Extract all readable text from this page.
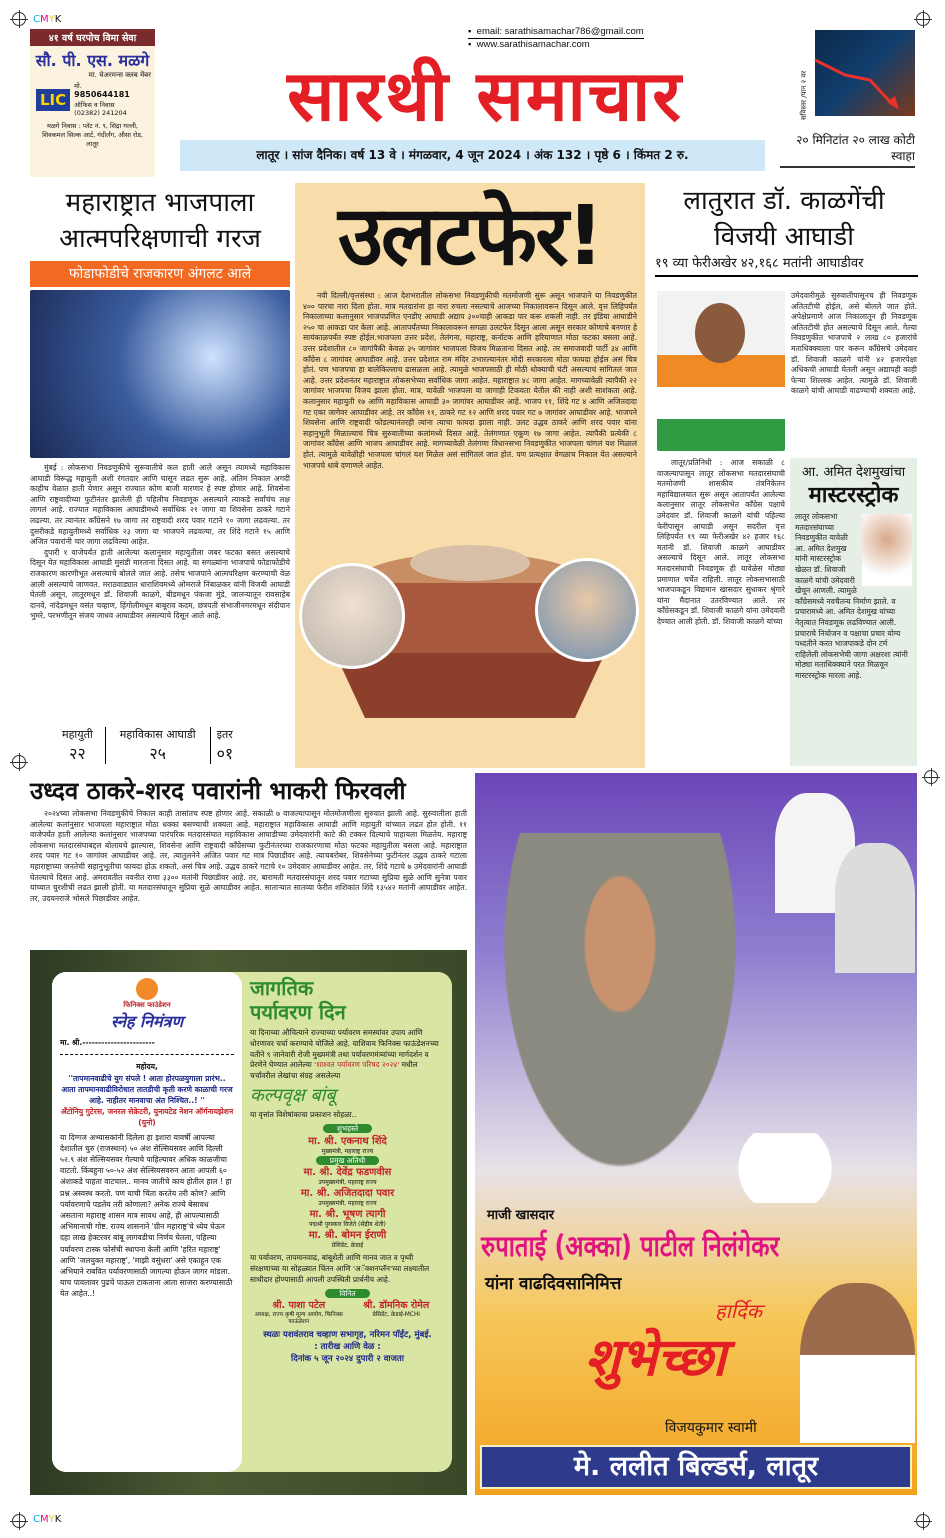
CMYK
CMYK
४१ वर्ष घरपोच विमा सेवा
सौ. पी. एस. मळगे
मा. चेअरमन्स क्लब मेंबर
LIC
मो.
9850644181
ऑफिस व निवास
(02382) 241204
मळगे निवास : प्लॅट नं. ९, सिद्रा गल्ली, शिवकमल सिल्क आर्ट, गंदीर्लंग, औसा रोड, लातूर
▪  email: sarathisamachar786@gmail.com
▪  www.sarathisamachar.com
सारथी समाचार
लातूर । सांज दैनिक। वर्ष 13 वे । मंगळवार, 4 जून 2024 । अंक 132 । पृष्ठे 6 । किंमत 2 रु.
सविस्तर /पान २ वर
२० मिनिटांत २० लाख कोटी स्वाहा
महाराष्ट्रात भाजपाला आत्मपरिक्षणाची गरज
फोडाफोडीचे राजकारण अंगलट आले

मुंबई : लोकसभा निवडणुकीचे सुरूवातीचे कल हाती आले असून त्यामध्ये महाविकास आघाडी विरूद्ध महायुती अशी रंगतदार आणि घासून लढत सुरू आहे. अंतिम निकाल अगदी काहीच वेळात हाती येणार असून राज्यात कोण बाजी मारणार हे स्पष्ट होणार आहे. शिवसेना आणि राष्ट्रवादीच्या फुटीनंतर झालेली ही पहिलीच निवडणूक असल्याने त्याकडे सर्वांचंच लक्ष लागलं आहे. राज्यात महाविकास आघाडीमध्ये सर्वाधिक २१ जागा या शिवसेना ठाकरे गटाने लढल्या. तर त्यानंतर काँग्रेसने १७ जागा तर राष्ट्रवादी शरद पवार गटाने १० जागा लढवल्या. तर दुसरीकडे महायुतीमध्ये सर्वाधिक २३ जागा या भाजपने लढवल्या, तर शिंदे गटाने १५ आणि अजित पवारांनी चार जागा लढविल्या आहेत.

दुपारी १ वाजेपर्यंत हाती आलेल्या कलानुसार महायुतीला जबर फटका बसत असल्याचे दिसून येत महाविकास आघाडी मुसंडी मारताना दिसत आहे. या सगळ्यांना भाजपाचे फोडाफोडीचे राजकारण कारणीभूत असल्याचे बोलले जात आहे. तसेच भाजपाने आत्मपरिक्षण करण्याची वेळ आली असल्याचे जाणवत. मराठवाड्यात धाराशिवमध्ये ओमराजे निंबाळकर यांनी विजयी आघाडी घेतली असून, लातूरमधून डॉ. शिवाजी काळगे, बीडमधून पंकजा मुंडे, जालन्यातून रावसाहेब दानवे, नांदेडमधून वसंत चव्हाण, हिंगोलीमधून बाबूराव कदम, छत्रपती संभाजीनगरमधून संदीपान भुमरे, परभणीतून संजय जाधव आघाडीवर असल्याचे दिसून आले आहे.

महायुती
२२
महाविकास आघाडी
२५
इतर
०१
उलटफेर!

नवी दिल्ली/वृत्तसंस्था : आज देशभरातील लोकसभा निवडणुकीची मतमोजणी सुरू असून भाजपाने या निवडणुकीत ४०० पारचा नारा दिला होता. मात्र मतदारांना हा नारा रुचला नसल्याचे आजच्या निकालावरून दिसून आले. वृत्त लिहिपर्यंत निकालाच्या कलानुसार भाजपप्रणित एनडीए आघाडी अद्याप ३००चाही आकडा पार करू शकली नाही. तर इंडिया आघाडीने २५० चा आकडा पार केला आहे. आतापर्यंतच्या निकालावरून सगळा उलटफेर दिसून आला असून सरकार कोणाचे बनणार हे सायंकाळपर्यंत स्पष्ट होईल.भाजपला उत्तर प्रदेश, तेलंगना, महाराष्ट्र, कर्नाटक आणि हरियाणात मोठा फटका बसला आहे. उत्तर प्रदेशातील ८० जागांपैकी केवळ ३५ जागांवर भाजपला विजय मिळताना दिसत आहे. तर समाजवादी पार्टी ३४ आणि काँग्रेस ८ जागांवर आघाडीवर आहे. उत्तर प्रदेशात राम मंदिर उभारल्यानंतर मोदी सरकारला मोठा फायदा होईल असं चित्र होतं. पण भाजपचा हा बालेकिल्लाच ढासळला आहे. त्यामुळे भाजपसाठी ही मोठी धोक्याची घंटी असल्याचं सांगितलं जात आहे. उत्तर प्रदेशनंतर महाराष्ट्रात लोकसभेच्या सर्वाधिक जागा आहेत. महाराष्ट्रात ४८ जागा आहेत. मागच्यावेळी त्यापैकी २२ जागांवर भाजपचा विजय झाला होता. मात्र, यावेळी भाजपला या जागाही टिकवता येतील की नाही अशी साशंकता आहे. कलानुसार महायुती १७ आणि महाविकास आघाडी ३० जागांवर आघाडीवर आहे. भाजप ११, शिंदे गट ४ आणि अजितदादा गट एका जागेवर आघाडीवर आहे. तर काँग्रेस ११, ठाकरे गट १२ आणि शरद पवार गट ७ जागांवर आघाडीवर आहे. भाजपने शिवसेना आणि राष्ट्रवादी फोडल्यानंतरही त्यांना त्याचा फायदा झाला नाही. उलट उद्धव ठाकरे आणि शरद पवार यांना सहानुभूती मिळाल्याचं चित्र सुरुवातीच्या कलांमध्ये दिसत आहे. तेलंगणात एकूण १७ जागा आहेत. त्यापैकी प्रत्येकी ८ जागांवर काँग्रेस आणि भाजप आघाडीवर आहे. मागच्यावेळी तेलंगणा विधानसभा निवडणुकीत भाजपला चांगलं यश मिळालं होतं. त्यामुळे यावेळीही भाजपला चांगलं यश मिळेल असं सांगितलं जात होतं. पण प्रत्यक्षात वेगळाच निकाल येत असल्याने भाजपचे धाबे दणाणले आहेत.

लातुरात डॉ. काळगेंची विजयी आघाडी
१९ व्या फेरीअखेर ४२,१६८ मतांनी आघाडीवर

उमेदवारीमुळे सुरुवातीपासूनच ही निवडणूक अतितटीची होईल, असे बोलले जात होते. अपेक्षेप्रमाणे आज निकालातून ही निवडणूक अतितटीची होत असल्याचे दिसून आले. गेल्या निवडणुकीत भाजपाचे २ लाख ८० हजारांचे मताधिक्क्याला पार करून काँग्रेसचे उमेदवार डॉ. शिवाजी काळगे यांनी ४२ हजारपेक्षा अधिकची आघाडी घेतली असून अद्यापही काही फेऱ्या शिल्लक आहेत. त्यामुळे डॉ. शिवाजी काळगे यांची आघाडी वाढण्याची शक्यता आहे.

लातूर/प्रतिनिधी : आज सकाळी ८ वाजल्यापासून लातूर लोकसभा मतदारसंघाची मतमोजणी शासकीय तंत्रनिकेतन महाविद्यालयात सुरू असून आतापर्यंत आलेल्या कलानुसार लातूर लोकसभेत काँग्रेस पक्षाचे उमेदवार डॉ. शिवाजी काळगे यांची पहिल्या फेरीपासून आघाडी असून सदरील वृत्त लिहिपर्यंत १९ व्या फेरीअखेर ४२ हजार १६८ मतांनी डॉ. शिवाजी काळगे आघाडीवर असल्याचे दिसून आले. लातूर लोकसभा मतदारसंघाची निवडणूक ही यावेळेस मोठ्या प्रमाणात चर्चेत राहिली. लातूर लोकसभासाठी भाजपाकडून विद्यमान खासदार सुधाकर श्रृंगारे यांना मैदानात उतरविण्यात आले. तर काँग्रेसकडून डॉ. शिवाजी काळगे यांना उमेदवारी देण्यात आली होती. डॉ. शिवाजी काळगे यांच्या

आ. अमित देशमुखांचा
मास्टरस्ट्रोक
लातूर लोकसभा मतदारसंघाच्या निवडणुकीत यावेळी आ. अमित देशमुख यांनी मास्टरस्ट्रोक खेळत डॉ. शिवाजी काळगे यांची उमेदवारी खेचून आणली. त्यामुळे काँग्रेसमध्ये नवचैतन्य निर्माण झाले. व प्रचारामध्ये आ. अमित देशमुख यांच्या नेतृत्वात निवडणूक लढविण्यात आली. प्रचाराचे नियोजन व पक्षाचा प्रचार योग्य पध्दतीने करत भाजपाकडे दोन टर्म राहिलेली लोकसभेची जागा अक्षरशः त्यांनी मोठ्या मताधिक्क्याने परत मिळवून मास्टरस्ट्रोक मारला आहे.
उध्दव ठाकरे-शरद पवारांनी भाकरी फिरवली

२०२४च्या लोकसभा निवडणुकीचे निकाल काही तासांतच स्पष्ट होणार आहे. सकाळी ७ वाजल्यापासून मोतमोजणीला सुरुवात झाली आहे. सुरुवातीला हाती आलेल्या कलांनुसार भाजपला महाराष्ट्रात मोठा धक्का बसण्याची शक्यता आहे. महाराष्ट्रात महाविकास आघाडी आणि महायुती यांच्यात लढत होत होती. ११ वाजेपर्यंत हाती आलेल्या कलांनुसार भाजपच्या पारंपरिक मतदारसंघात महाविकास आघाडीच्या उमेदवारांनी काटे की टक्कर दिल्याचे पाहायला मिळतेय. महाराष्ट्र लोकसभा मतदारसंघाबद्दल बोलायचे झाल्यास, शिवसेना आणि राष्ट्रवादी काँग्रेसच्या फुटीनंतरच्या राजकारणाचा मोठा फटका महायुतीला बसला आहे. महाराष्ट्रात शरद पवार गट १० जागांवर आघाडीवर आहे. तर, त्यातुलनेने अजित पवार गट मात्र पिछाडीवर आहे. त्याचबरोबर, शिवसेनेच्या फुटीनंतर उद्धव ठाकरे गटाला महाराष्ट्राच्या जनतेची सहानुभूतीचा फायदा होऊ शकतो, असं चित्र आहे. उद्धव ठाकरे गटाचे १० उमेदवार आघाडीवर आहेत. तर, शिंदे गटाचे ७ उमेदवारांनी आघाडी घेतल्याचे दिसत आहे. अमरावतीत नवनीत राणा ३३०० मतांनी पिछाडीवर आहे. तर, बारामती मतदारसंघातून शरद पवार गटाच्या सुप्रिया सुळे आणि सुनेत्रा पवार यांच्यात चुरशीची लढत झाली होती. या मतदारसंघातून सुप्रिया सुळे आघाडीवर आहेत. साताऱ्यात सातव्या फेरीत शशिकांत शिंदे १३५४२ मतांनी आघाडीवर आहेत. तर, उदयनराजे भोसले पिछाडीवर आहेत.

फिनिक्स फाउंडेशन
स्नेह निमंत्रण
मा. श्री.-----------------------
महोदय,
''तापमानवाढीचे युग संपले ! आता होरपळयुगाला प्रारंभ.. आता तापमानवाढीविरोधात तातडीची कृती करणे काळाची गरज आहे. नाहीतर मानवाचा अंत निश्चित..! ''
अँटोनियु गुटेरस, जनरल सेक्रेटरी, युनायटेड नेशन ऑर्गनायझेशन (युनो)
या दिग्गज अभ्यासकांनी दिलेला हा इशारा यावर्षी आपल्या देशातील चुरु (राजस्थान) ५० अंश सेल्सियसवर आणि दिल्ली ५२.९ अंश सेल्सियसवर गेल्याचे पाहिल्यावर अधिक काळजीचा वाटतो. किंबहुना ५०-५२ अंश सेल्सियसवरुन आता आपली ६० अंशाकडे पाहता वाटचाल.. मानव जातीचे काय होतील हाल ! हा प्रश्न अस्वस्थ करतो. पण याची चिंता करतेय तरी कोण? आणि पर्यावरणाचे पडलेय तरी कोणाला? अनेक राज्ये बेसावध असताना महाराष्ट्र शासन मात्र सावध आहे, ही आपल्यासाठी अभिमानाची गोष्ट. राज्य शासनाने 'ग्रीन महाराष्ट्र'चे ध्येय घेऊन दहा लाख हेक्टरवर बांबू लागवडीचा निर्णय घेतला, पहिल्या पर्यावरण टास्क फोर्सची स्थापना केली आणि 'हरित महाराष्ट्र' आणि 'जलयुक्त महाराष्ट्र', 'माझी वसुंधरा' असे एकाहून एक अभियाने राबवित पर्यावरणासाठी जागल्या होऊन जागर मांडला. याच पावलावर पुढचे पाऊल टाकताना आता साजरा करण्यासाठी येत आहेत..!
जागतिक
पर्यावरण दिन
या दिनाच्या औचित्याने राज्याच्या पर्यावरण समस्यांवर उपाय आणि धोरणावर चर्चा करण्याचे योजिले आहे. याशिवाय फिनिक्स फाऊंडेशनच्या वतीने ९ जानेवारी रोजी मुख्यमंत्री तथा पर्यावरणमंत्र्यांच्या मार्गदर्शन व प्रेरणेने घेण्यात आलेल्या 'शाश्वत पर्यावरण परिषद २०२४' मधील चर्चांवरील लेखांचा संग्रह असलेल्या
कल्पवृक्ष बांबू
या वृत्तांत विशेषांकाचा प्रकाशन सोहळा..
शुभहस्ते
मा. श्री. एकनाथ शिंदे
मुख्यमंत्री, महाराष्ट्र राज्य
प्रमुख अतिथी
मा. श्री. देवेंद्र फडणवीस
उपमुख्यमंत्री, महाराष्ट्र राज्य
मा. श्री. अजितदादा पवार
उपमुख्यमंत्री, महाराष्ट्र राज्य
मा. श्री. भूषण त्यागी
पद्मश्री पुरस्कार विजेते (सेंद्रीय शेती)
मा. श्री. बोमन ईराणी
प्रेसिडेंट, क्रेडाई
या पर्यावरण, तापमानवाढ, बांबूशेती आणि मानव जात व पृथ्वी संरक्षणाच्या या सोहळ्यात चिंतन आणि 'अॅक्शनप्लॅन'च्या लक्ष्यातील साथीदार होण्यासाठी आपली उपस्थिती प्रार्थनीय आहे.
विनित
श्री. पाशा पटेल
अध्यक्ष, राज्य कृषी मूल्य आयोग, फिनिक्स फाऊंडेशन
श्री. डॉमनिक रोमेल
प्रेसिडेंट, क्रेडाई-MCHI
स्थळः यशवंतराव चव्हाण सभागृह, नरिमन पॉईंट, मुंबई.
: तारीख आणि वेळ :
दिनांक ५ जून २०२४ दुपारी २ वाजता
माजी खासदार
रुपाताई (अक्का) पाटील निलंगेकर
यांना वाढदिवसानिमित्त
हार्दिक
शुभेच्छा
विजयकुमार स्वामी
मे. ललीत बिल्डर्स, लातूर
